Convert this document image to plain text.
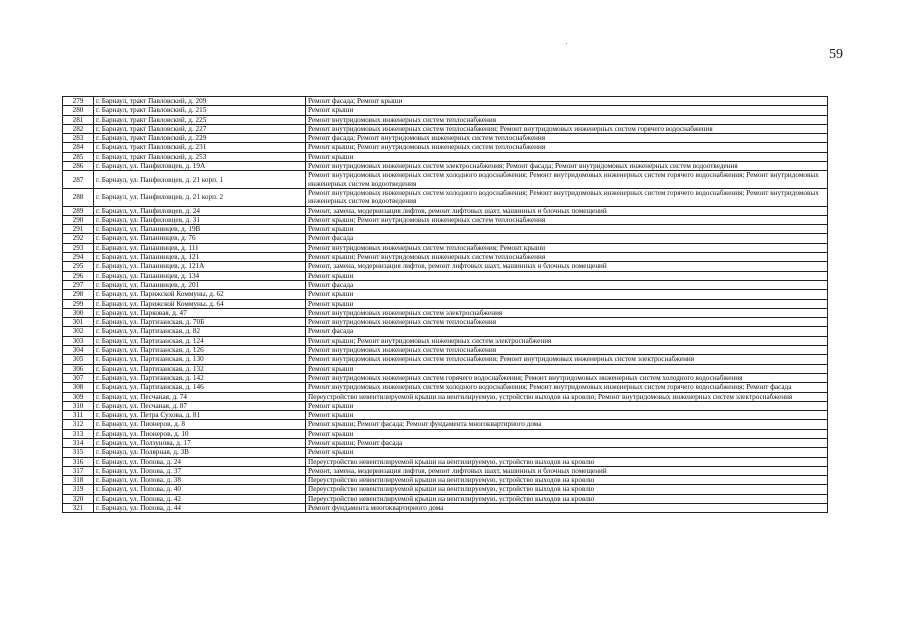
59
279	г. Барнаул, тракт Павловский, д. 209	Ремонт фасада; Ремонт крыши
280	г. Барнаул, тракт Павловский, д. 215	Ремонт крыши
281	г. Барнаул, тракт Павловский, д. 225	Ремонт внутридомовых инженерных систем теплоснабжения
282	г. Барнаул, тракт Павловский, д. 227	Ремонт внутридомовых инженерных систем теплоснабжения; Ремонт внутридомовых инженерных систем горячего водоснабжения
283	г. Барнаул, тракт Павловский, д. 229	Ремонт фасада; Ремонт внутридомовых инженерных систем теплоснабжения
284	г. Барнаул, тракт Павловский, д. 231	Ремонт крыши; Ремонт внутридомовых инженерных систем теплоснабжения
285	г. Барнаул, тракт Павловский, д. 253	Ремонт крыши
286	г. Барнаул, ул. Панфиловцев, д. 19А	Ремонт внутридомовых инженерных систем электроснабжения; Ремонт фасада; Ремонт внутридомовых инженерных систем водоотведения
287	г. Барнаул, ул. Панфиловцев, д. 21 корп. 1	Ремонт внутридомовых инженерных систем холодного водоснабжения; Ремонт внутридомовых инженерных систем горячего водоснабжения; Ремонт внутридомовых инженерных систем водоотведения
288	г. Барнаул, ул. Панфиловцев, д. 21 корп. 2	Ремонт внутридомовых инженерных систем холодного водоснабжения; Ремонт внутридомовых инженерных систем горячего водоснабжения; Ремонт внутридомовых инженерных систем водоотведения
289	г. Барнаул, ул. Панфиловцев, д. 24	Ремонт, замена, модернизация лифтов, ремонт лифтовых шахт, машинных и блочных помещений
290	г. Барнаул, ул. Панфиловцев, д. 31	Ремонт крыши; Ремонт внутридомовых инженерных систем теплоснабжения
291	г. Барнаул, ул. Папанинцев, д. 19В	Ремонт крыши
292	г. Барнаул, ул. Папанинцев, д. 76	Ремонт фасада
293	г. Барнаул, ул. Папанинцев, д. 111	Ремонт внутридомовых инженерных систем теплоснабжения; Ремонт крыши
294	г. Барнаул, ул. Папанинцев, д. 121	Ремонт крыши; Ремонт внутридомовых инженерных систем теплоснабжения
295	г. Барнаул, ул. Папанинцев, д. 121А	Ремонт, замена, модернизация лифтов, ремонт лифтовых шахт, машинных и блочных помещений
296	г. Барнаул, ул. Папанинцев, д. 134	Ремонт крыши
297	г. Барнаул, ул. Папанинцев, д. 201	Ремонт фасада
298	г. Барнаул, ул. Парижской Коммуны, д. 62	Ремонт крыши
299	г. Барнаул, ул. Парижской Коммуны, д. 64	Ремонт крыши
300	г. Барнаул, ул. Парковая, д. 47	Ремонт внутридомовых инженерных систем электроснабжения
301	г. Барнаул, ул. Партизанская, д. 70Б	Ремонт внутридомовых инженерных систем теплоснабжения
302	г. Барнаул, ул. Партизанская, д. 82	Ремонт фасада
303	г. Барнаул, ул. Партизанская, д. 124	Ремонт крыши; Ремонт внутридомовых инженерных систем электроснабжения
304	г. Барнаул, ул. Партизанская, д. 126	Ремонт внутридомовых инженерных систем теплоснабжения
305	г. Барнаул, ул. Партизанская, д. 130	Ремонт внутридомовых инженерных систем теплоснабжения; Ремонт внутридомовых инженерных систем электроснабжения
306	г. Барнаул, ул. Партизанская, д. 132	Ремонт крыши
307	г. Барнаул, ул. Партизанская, д. 142	Ремонт внутридомовых инженерных систем горячего водоснабжения; Ремонт внутридомовых инженерных систем холодного водоснабжения
308	г. Барнаул, ул. Партизанская, д. 146	Ремонт внутридомовых инженерных систем холодного водоснабжения; Ремонт внутридомовых инженерных систем горячего водоснабжения; Ремонт фасада
309	г. Барнаул, ул. Песчаная, д. 74	Переустройство невентилируемой крыши на вентилируемую, устройство выходов на кровлю; Ремонт внутридомовых инженерных систем электроснабжения
310	г. Барнаул, ул. Песчаная, д. 87	Ремонт крыши
311	г. Барнаул, ул. Петра Сухова, д. 81	Ремонт крыши
312	г. Барнаул, ул. Пионеров, д. 8	Ремонт крыши; Ремонт фасада; Ремонт фундамента многоквартирного дома
313	г. Барнаул, ул. Пионеров, д. 10	Ремонт крыши
314	г. Барнаул, ул. Ползунова, д. 17	Ремонт крыши; Ремонт фасада
315	г. Барнаул, ул. Полярная, д. 3В	Ремонт крыши
316	г. Барнаул, ул. Попова, д. 24	Переустройство невентилируемой крыши на вентилируемую, устройство выходов на кровлю
317	г. Барнаул, ул. Попова, д. 37	Ремонт, замена, модернизация лифтов, ремонт лифтовых шахт, машинных и блочных помещений
318	г. Барнаул, ул. Попова, д. 38	Переустройство невентилируемой крыши на вентилируемую, устройство выходов на кровлю
319	г. Барнаул, ул. Попова, д. 40	Переустройство невентилируемой крыши на вентилируемую, устройство выходов на кровлю
320	г. Барнаул, ул. Попова, д. 42	Переустройство невентилируемой крыши на вентилируемую, устройство выходов на кровлю
321	г. Барнаул, ул. Попова, д. 44	Ремонт фундамента многоквартирного дома
